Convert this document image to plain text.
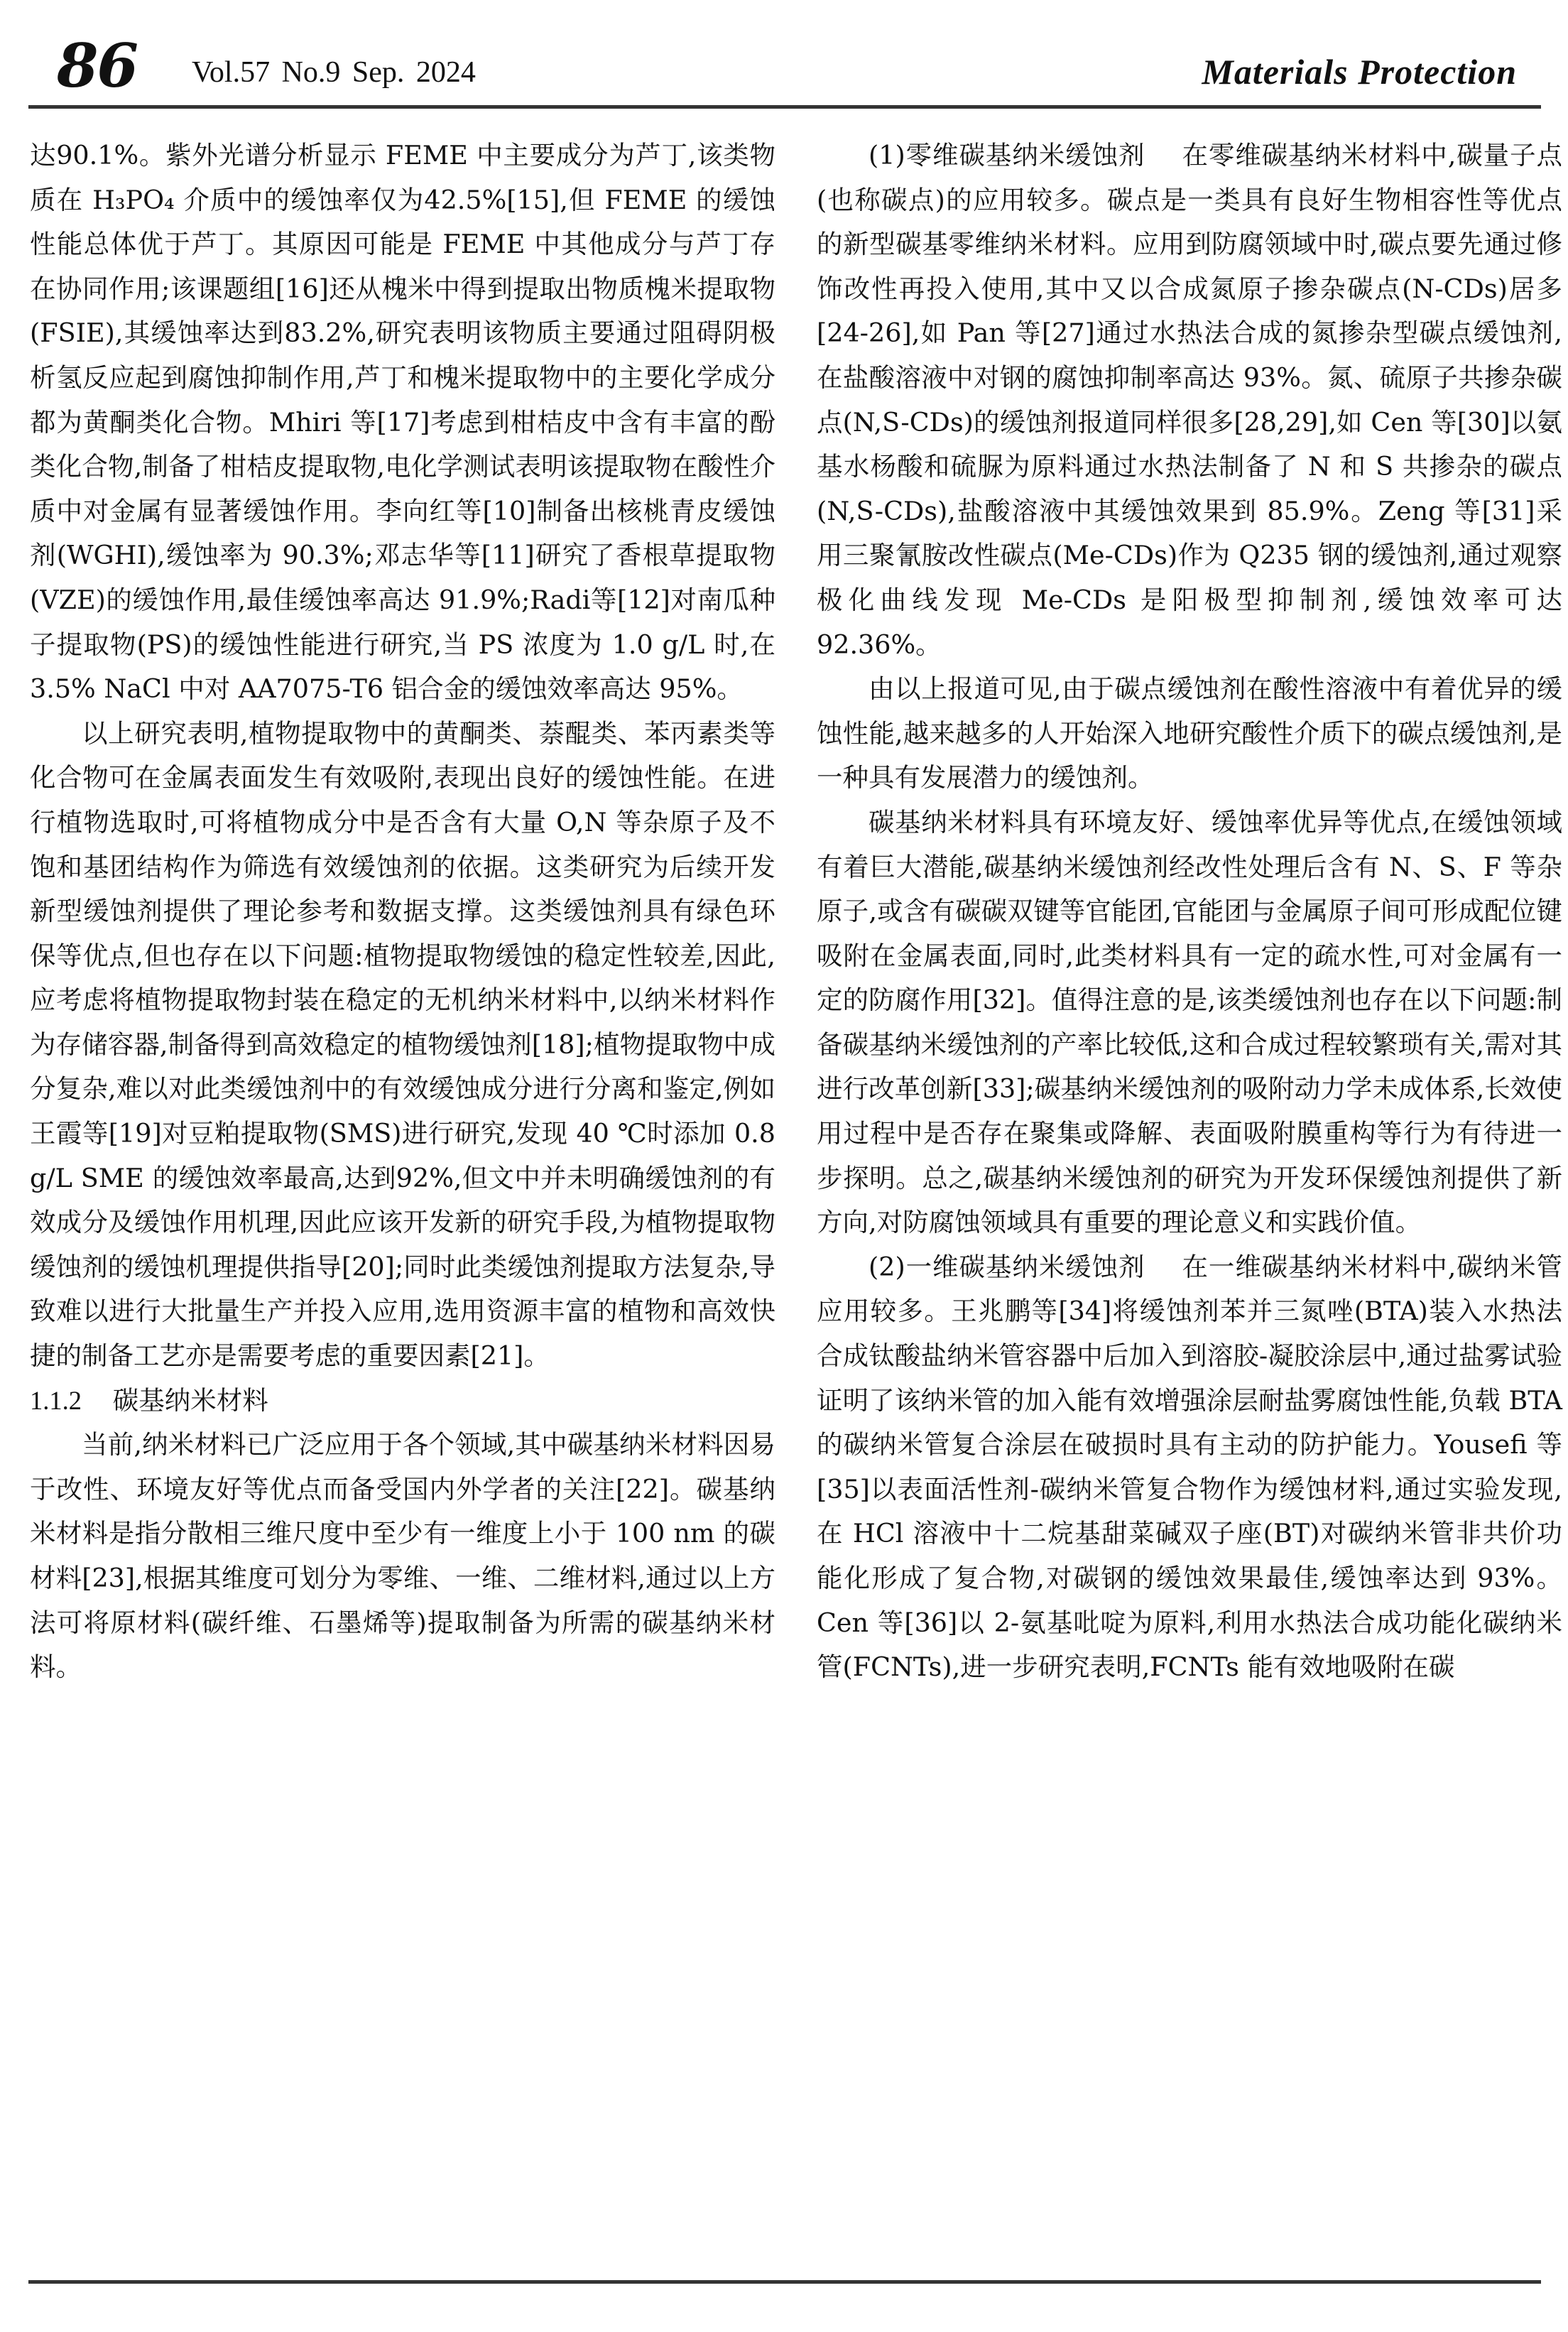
86 Vol.57 No.9 Sep. 2024	Materials Protection

达90.1%。紫外光谱分析显示 FEME 中主要成分为芦丁,该类物质在 H₃PO₄ 介质中的缓蚀率仅为42.5%[15],但 FEME 的缓蚀性能总体优于芦丁。其原因可能是 FEME 中其他成分与芦丁存在协同作用;该课题组[16]还从槐米中得到提取出物质槐米提取物(FSIE),其缓蚀率达到83.2%,研究表明该物质主要通过阻碍阴极析氢反应起到腐蚀抑制作用,芦丁和槐米提取物中的主要化学成分都为黄酮类化合物。Mhiri 等[17]考虑到柑桔皮中含有丰富的酚类化合物,制备了柑桔皮提取物,电化学测试表明该提取物在酸性介质中对金属有显著缓蚀作用。李向红等[10]制备出核桃青皮缓蚀剂(WGHI),缓蚀率为 90.3%;邓志华等[11]研究了香根草提取物(VZE)的缓蚀作用,最佳缓蚀率高达 91.9%;Radi等[12]对南瓜种子提取物(PS)的缓蚀性能进行研究,当 PS 浓度为 1.0 g/L 时,在 3.5% NaCl 中对 AA7075-T6 铝合金的缓蚀效率高达 95%。

以上研究表明,植物提取物中的黄酮类、萘醌类、苯丙素类等化合物可在金属表面发生有效吸附,表现出良好的缓蚀性能。在进行植物选取时,可将植物成分中是否含有大量 O,N 等杂原子及不饱和基团结构作为筛选有效缓蚀剂的依据。这类研究为后续开发新型缓蚀剂提供了理论参考和数据支撑。这类缓蚀剂具有绿色环保等优点,但也存在以下问题:植物提取物缓蚀的稳定性较差,因此,应考虑将植物提取物封装在稳定的无机纳米材料中,以纳米材料作为存储容器,制备得到高效稳定的植物缓蚀剂[18];植物提取物中成分复杂,难以对此类缓蚀剂中的有效缓蚀成分进行分离和鉴定,例如王霞等[19]对豆粕提取物(SMS)进行研究,发现 40 ℃时添加 0.8 g/L SME 的缓蚀效率最高,达到92%,但文中并未明确缓蚀剂的有效成分及缓蚀作用机理,因此应该开发新的研究手段,为植物提取物缓蚀剂的缓蚀机理提供指导[20];同时此类缓蚀剂提取方法复杂,导致难以进行大批量生产并投入应用,选用资源丰富的植物和高效快捷的制备工艺亦是需要考虑的重要因素[21]。

1.1.2 碳基纳米材料

当前,纳米材料已广泛应用于各个领域,其中碳基纳米材料因易于改性、环境友好等优点而备受国内外学者的关注[22]。碳基纳米材料是指分散相三维尺度中至少有一维度上小于 100 nm 的碳材料[23],根据其维度可划分为零维、一维、二维材料,通过以上方法可将原材料(碳纤维、石墨烯等)提取制备为所需的碳基纳米材料。

(1)零维碳基纳米缓蚀剂 在零维碳基纳米材料中,碳量子点(也称碳点)的应用较多。碳点是一类具有良好生物相容性等优点的新型碳基零维纳米材料。应用到防腐领域中时,碳点要先通过修饰改性再投入使用,其中又以合成氮原子掺杂碳点(N-CDs)居多[24-26],如 Pan 等[27]通过水热法合成的氮掺杂型碳点缓蚀剂,在盐酸溶液中对钢的腐蚀抑制率高达 93%。氮、硫原子共掺杂碳点(N,S-CDs)的缓蚀剂报道同样很多[28,29],如 Cen 等[30]以氨基水杨酸和硫脲为原料通过水热法制备了 N 和 S 共掺杂的碳点(N,S-CDs),盐酸溶液中其缓蚀效果到 85.9%。Zeng 等[31]采用三聚氰胺改性碳点(Me-CDs)作为 Q235 钢的缓蚀剂,通过观察极化曲线发现 Me-CDs 是阳极型抑制剂,缓蚀效率可达 92.36%。

由以上报道可见,由于碳点缓蚀剂在酸性溶液中有着优异的缓蚀性能,越来越多的人开始深入地研究酸性介质下的碳点缓蚀剂,是一种具有发展潜力的缓蚀剂。

碳基纳米材料具有环境友好、缓蚀率优异等优点,在缓蚀领域有着巨大潜能,碳基纳米缓蚀剂经改性处理后含有 N、S、F 等杂原子,或含有碳碳双键等官能团,官能团与金属原子间可形成配位键吸附在金属表面,同时,此类材料具有一定的疏水性,可对金属有一定的防腐作用[32]。值得注意的是,该类缓蚀剂也存在以下问题:制备碳基纳米缓蚀剂的产率比较低,这和合成过程较繁琐有关,需对其进行改革创新[33];碳基纳米缓蚀剂的吸附动力学未成体系,长效使用过程中是否存在聚集或降解、表面吸附膜重构等行为有待进一步探明。总之,碳基纳米缓蚀剂的研究为开发环保缓蚀剂提供了新方向,对防腐蚀领域具有重要的理论意义和实践价值。

(2)一维碳基纳米缓蚀剂 在一维碳基纳米材料中,碳纳米管应用较多。王兆鹏等[34]将缓蚀剂苯并三氮唑(BTA)装入水热法合成钛酸盐纳米管容器中后加入到溶胶-凝胶涂层中,通过盐雾试验证明了该纳米管的加入能有效增强涂层耐盐雾腐蚀性能,负载 BTA 的碳纳米管复合涂层在破损时具有主动的防护能力。Yousefi 等[35]以表面活性剂-碳纳米管复合物作为缓蚀材料,通过实验发现,在 HCl 溶液中十二烷基甜菜碱双子座(BT)对碳纳米管非共价功能化形成了复合物,对碳钢的缓蚀效果最佳,缓蚀率达到 93%。Cen 等[36]以 2-氨基吡啶为原料,利用水热法合成功能化碳纳米管(FCNTs),进一步研究表明,FCNTs 能有效地吸附在碳
